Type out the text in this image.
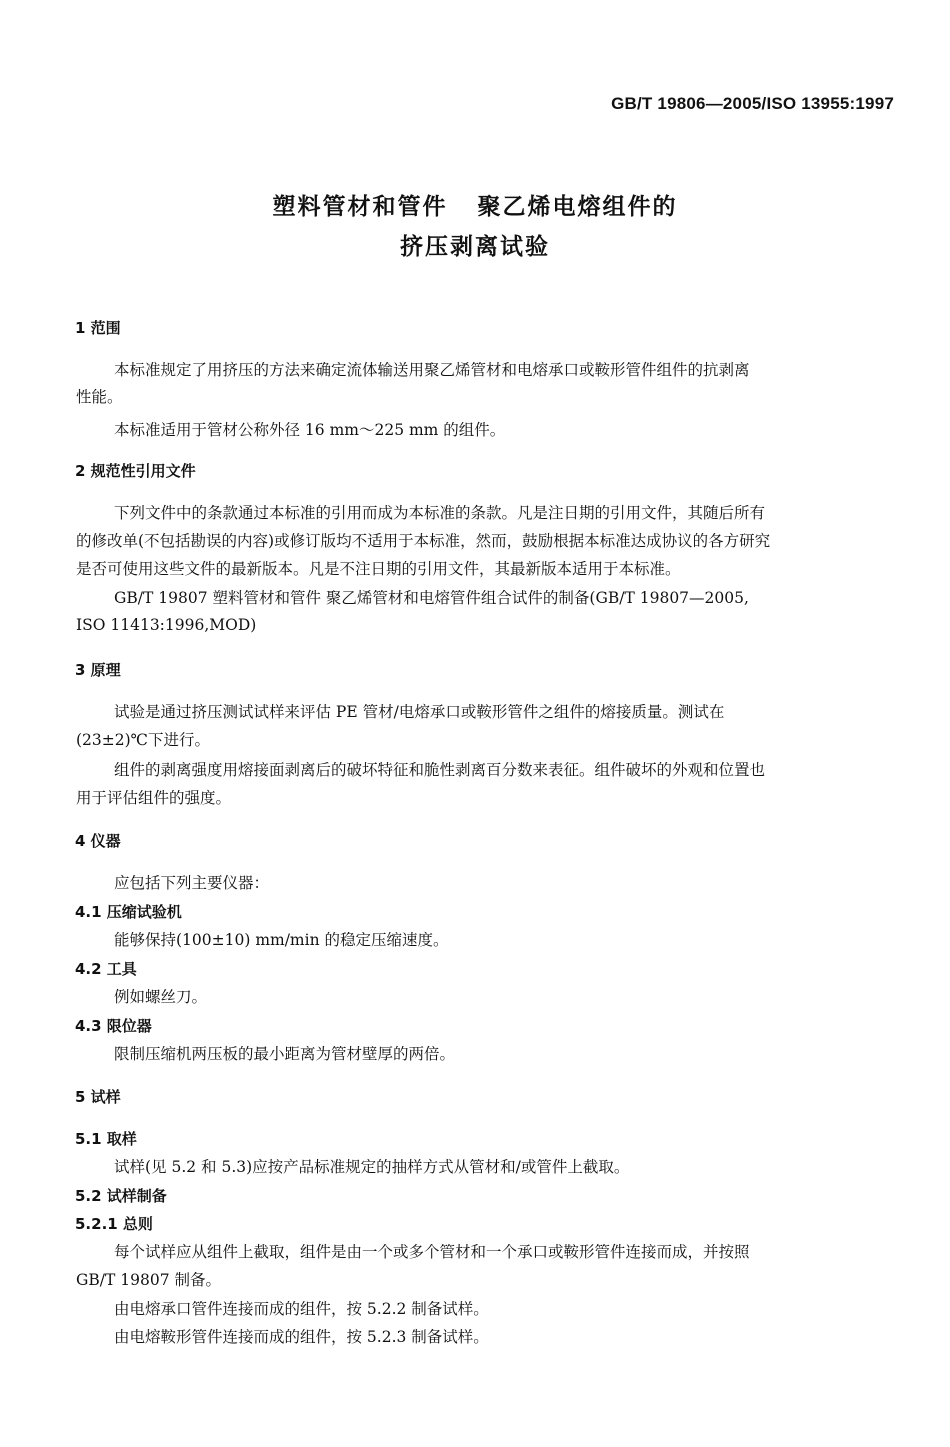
GB/T 19806—2005/ISO 13955:1997
塑料管材和管件   聚乙烯电熔组件的
挤压剥离试验
1 范围
本标准规定了用挤压的方法来确定流体输送用聚乙烯管材和电熔承口或鞍形管件组件的抗剥离
性能。
本标准适用于管材公称外径 16 mm～225 mm 的组件。
2 规范性引用文件
下列文件中的条款通过本标准的引用而成为本标准的条款。凡是注日期的引用文件，其随后所有
的修改单(不包括勘误的内容)或修订版均不适用于本标准，然而，鼓励根据本标准达成协议的各方研究
是否可使用这些文件的最新版本。凡是不注日期的引用文件，其最新版本适用于本标准。
GB/T 19807 塑料管材和管件 聚乙烯管材和电熔管件组合试件的制备(GB/T 19807—2005,
ISO 11413:1996,MOD)
3 原理
试验是通过挤压测试试样来评估 PE 管材/电熔承口或鞍形管件之组件的熔接质量。测试在
(23±2)℃下进行。
组件的剥离强度用熔接面剥离后的破坏特征和脆性剥离百分数来表征。组件破坏的外观和位置也
用于评估组件的强度。
4 仪器
应包括下列主要仪器：
4.1 压缩试验机
能够保持(100±10) mm/min 的稳定压缩速度。
4.2 工具
例如螺丝刀。
4.3 限位器
限制压缩机两压板的最小距离为管材壁厚的两倍。
5 试样
5.1 取样
试样(见 5.2 和 5.3)应按产品标准规定的抽样方式从管材和/或管件上截取。
5.2 试样制备
5.2.1 总则
每个试样应从组件上截取，组件是由一个或多个管材和一个承口或鞍形管件连接而成，并按照
GB/T 19807 制备。
由电熔承口管件连接而成的组件，按 5.2.2 制备试样。
由电熔鞍形管件连接而成的组件，按 5.2.3 制备试样。
